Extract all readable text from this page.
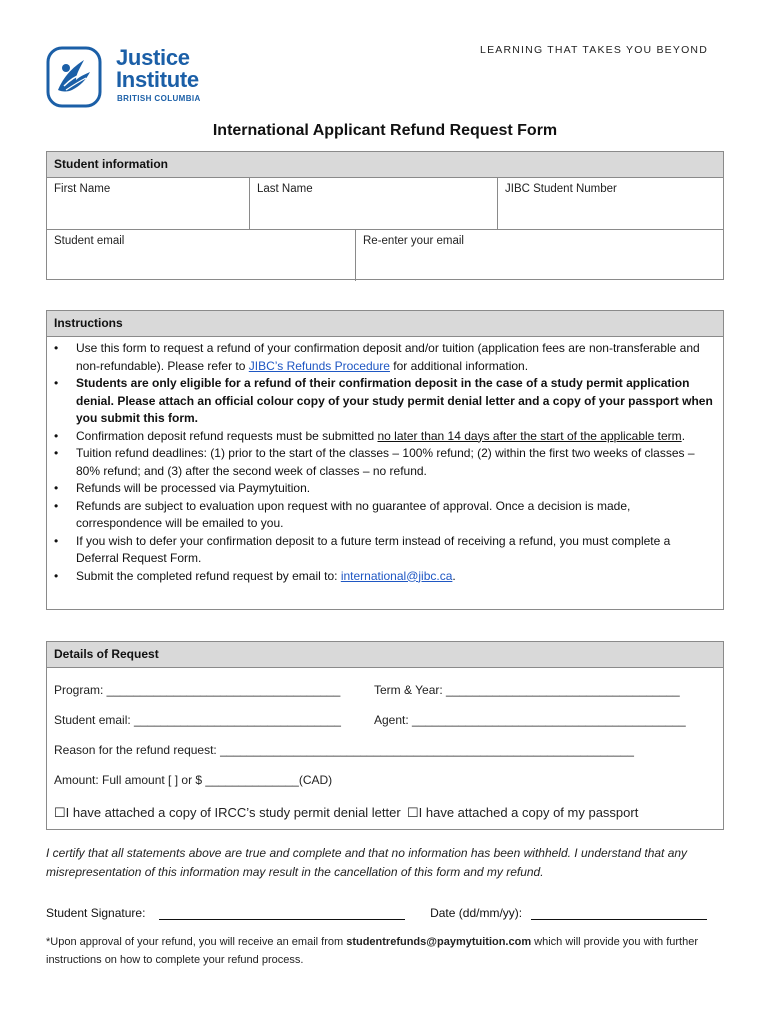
Justice
Institute
BRITISH COLUMBIA
LEARNING THAT TAKES YOU BEYOND
International Applicant Refund Request Form
Student information
First Name	Last Name	JIBC Student Number
Student email	Re-enter your email
Instructions
• Use this form to request a refund of your confirmation deposit and/or tuition (application fees are non-transferable and non-refundable). Please refer to JIBC’s Refunds Procedure for additional information.
• Students are only eligible for a refund of their confirmation deposit in the case of a study permit application denial. Please attach an official colour copy of your study permit denial letter and a copy of your passport when you submit this form.
• Confirmation deposit refund requests must be submitted no later than 14 days after the start of the applicable term.
• Tuition refund deadlines: (1) prior to the start of the classes – 100% refund; (2) within the first two weeks of classes – 80% refund; and (3) after the second week of classes – no refund.
• Refunds will be processed via Paymytuition.
• Refunds are subject to evaluation upon request with no guarantee of approval. Once a decision is made, correspondence will be emailed to you.
• If you wish to defer your confirmation deposit to a future term instead of receiving a refund, you must complete a Deferral Request Form.
• Submit the completed refund request by email to: international@jibc.ca.
Details of Request
Program: ___________________________________	Term & Year: ___________________________________
Student email: _______________________________	Agent: _________________________________________
Reason for the refund request: ______________________________________________________________
Amount: Full amount [ ] or $ ______________(CAD)
☐I have attached a copy of IRCC’s study permit denial letter ☐I have attached a copy of my passport
I certify that all statements above are true and complete and that no information has been withheld. I understand that any misrepresentation of this information may result in the cancellation of this form and my refund.
Student Signature:	Date (dd/mm/yy):
*Upon approval of your refund, you will receive an email from studentrefunds@paymytuition.com which will provide you with further instructions on how to complete your refund process.
